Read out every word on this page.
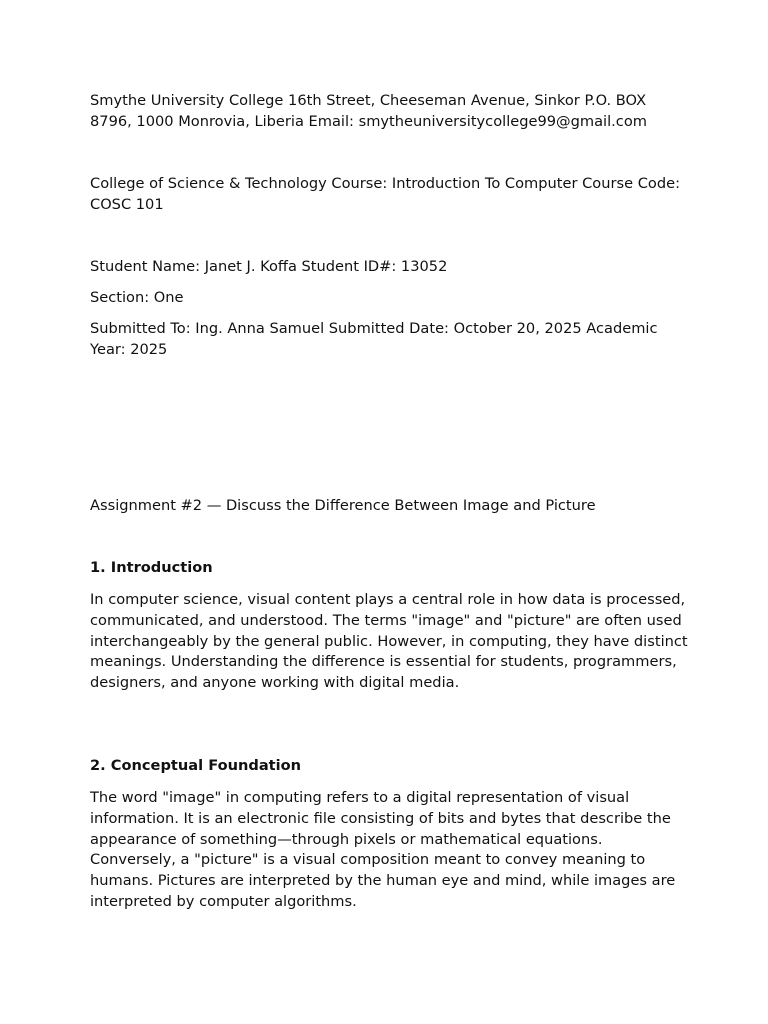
Smythe University College 16th Street, Cheeseman Avenue, Sinkor P.O. BOX 8796, 1000 Monrovia, Liberia Email: smytheuniversitycollege99@gmail.com

College of Science & Technology Course: Introduction To Computer Course Code: COSC 101

Student Name: Janet J. Koffa Student ID#: 13052

Section: One

Submitted To: Ing. Anna Samuel Submitted Date: October 20, 2025 Academic Year: 2025

Assignment #2 — Discuss the Difference Between Image and Picture

1. Introduction

In computer science, visual content plays a central role in how data is processed, communicated, and understood. The terms "image" and "picture" are often used interchangeably by the general public. However, in computing, they have distinct meanings. Understanding the difference is essential for students, programmers, designers, and anyone working with digital media.

2. Conceptual Foundation

The word "image" in computing refers to a digital representation of visual information. It is an electronic file consisting of bits and bytes that describe the appearance of something—through pixels or mathematical equations. Conversely, a "picture" is a visual composition meant to convey meaning to humans. Pictures are interpreted by the human eye and mind, while images are interpreted by computer algorithms.
